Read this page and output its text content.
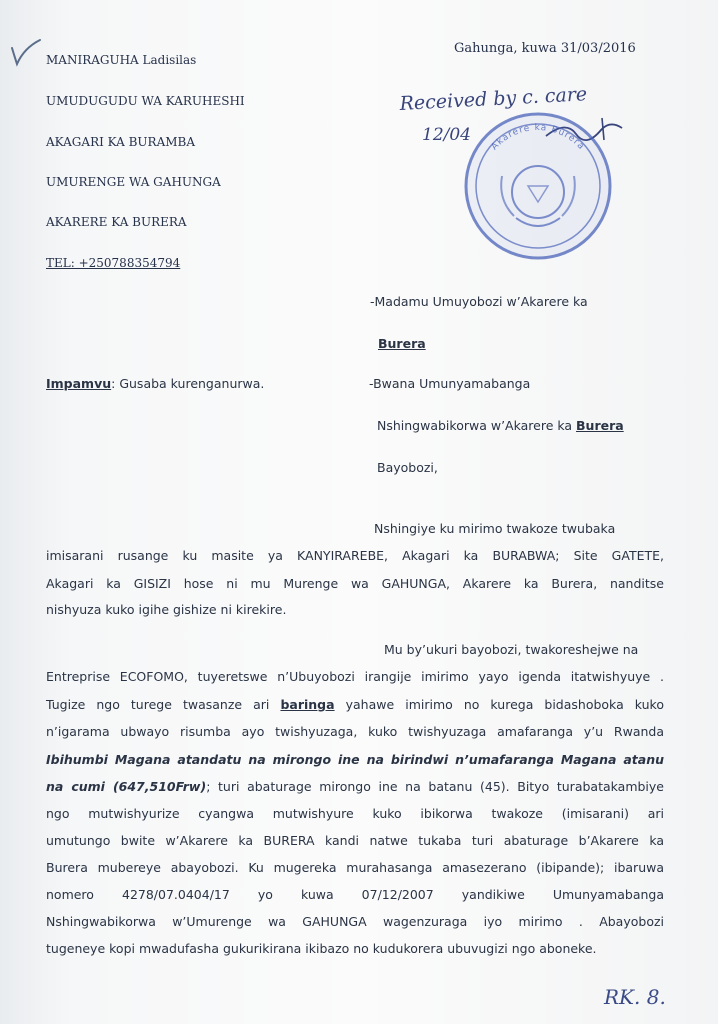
MANIRAGUHA Ladisilas
UMUDUGUDU WA KARUHESHI
AKAGARI KA BURAMBA
UMURENGE WA GAHUNGA
AKARERE KA BURERA
TEL: +250788354794
Gahunga, kuwa 31/03/2016
Received by c. care
12/04
Akarere ka Burera
-Madamu Umuyobozi w’Akarere ka
Burera
-Bwana Umunyamabanga
Nshingwabikorwa w’Akarere ka Burera
Impamvu: Gusaba kurenganurwa.
Bayobozi,
Nshingiye ku mirimo twakoze twubaka
imisarani rusange ku masite ya KANYIRAREBE, Akagari ka BURABWA; Site GATETE,
Akagari ka GISIZI hose ni mu Murenge wa GAHUNGA, Akarere ka Burera, nanditse
nishyuza kuko igihe gishize ni kirekire.
Mu by’ukuri bayobozi, twakoreshejwe na
Entreprise ECOFOMO, tuyeretswe n’Ubuyobozi irangije imirimo yayo igenda itatwishyuye .
Tugize ngo turege twasanze ari baringa yahawe imirimo no kurega bidashoboka kuko
n’igarama ubwayo risumba ayo twishyuzaga, kuko twishyuzaga amafaranga y’u Rwanda
Ibihumbi Magana atandatu na mirongo ine na birindwi n’umafaranga Magana atanu
na cumi (647,510Frw); turi abaturage mirongo ine na batanu (45). Bityo turabatakambiye
ngo mutwishyurize cyangwa mutwishyure kuko ibikorwa twakoze (imisarani) ari
umutungo bwite w’Akarere ka BURERA kandi natwe tukaba turi abaturage b’Akarere ka
Burera mubereye abayobozi. Ku mugereka murahasanga amasezerano (ibipande); ibaruwa
nomero 4278/07.0404/17 yo kuwa 07/12/2007 yandikiwe Umunyamabanga
Nshingwabikorwa w’Umurenge wa GAHUNGA wagenzuraga iyo mirimo . Abayobozi
tugeneye kopi mwadufasha gukurikirana ikibazo no kudukorera ubuvugizi ngo aboneke.
RK. 8.
